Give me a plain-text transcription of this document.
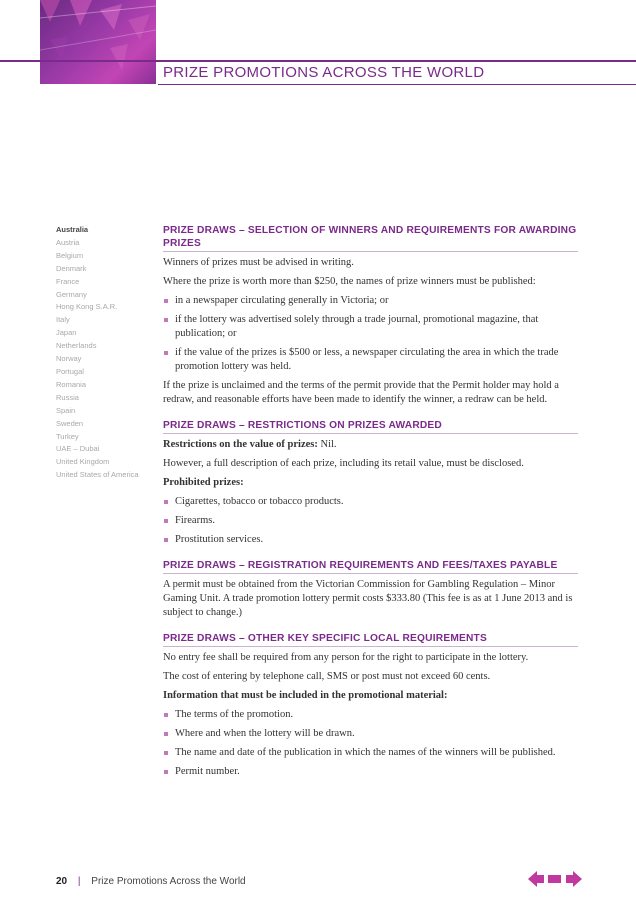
PRIZE PROMOTIONS ACROSS THE WORLD
Australia
Austria
Belgium
Denmark
France
Germany
Hong Kong S.A.R.
Italy
Japan
Netherlands
Norway
Portugal
Romania
Russia
Spain
Sweden
Turkey
UAE – Dubai
United Kingdom
United States of America
PRIZE DRAWS – SELECTION OF WINNERS AND REQUIREMENTS FOR AWARDING PRIZES

Winners of prizes must be advised in writing.

Where the prize is worth more than $250, the names of prize winners must be published:

in a newspaper circulating generally in Victoria; or
if the lottery was advertised solely through a trade journal, promotional magazine, that publication; or
if the value of the prizes is $500 or less, a newspaper circulating the area in which the trade promotion lottery was held.

If the prize is unclaimed and the terms of the permit provide that the Permit holder may hold a redraw, and reasonable efforts have been made to identify the winner, a redraw can be held.

PRIZE DRAWS – RESTRICTIONS ON PRIZES AWARDED

Restrictions on the value of prizes: Nil.

However, a full description of each prize, including its retail value, must be disclosed.

Prohibited prizes:

Cigarettes, tobacco or tobacco products.
Firearms.
Prostitution services.
PRIZE DRAWS – REGISTRATION REQUIREMENTS AND FEES/TAXES PAYABLE

A permit must be obtained from the Victorian Commission for Gambling Regulation – Minor Gaming Unit. A trade promotion lottery permit costs $333.80 (This fee is as at 1 June 2013 and is subject to change.)

PRIZE DRAWS – OTHER KEY SPECIFIC LOCAL REQUIREMENTS

No entry fee shall be required from any person for the right to participate in the lottery.

The cost of entering by telephone call, SMS or post must not exceed 60 cents.

Information that must be included in the promotional material:

The terms of the promotion.
Where and when the lottery will be drawn.
The name and date of the publication in which the names of the winners will be published.
Permit number.
20 | Prize Promotions Across the World
